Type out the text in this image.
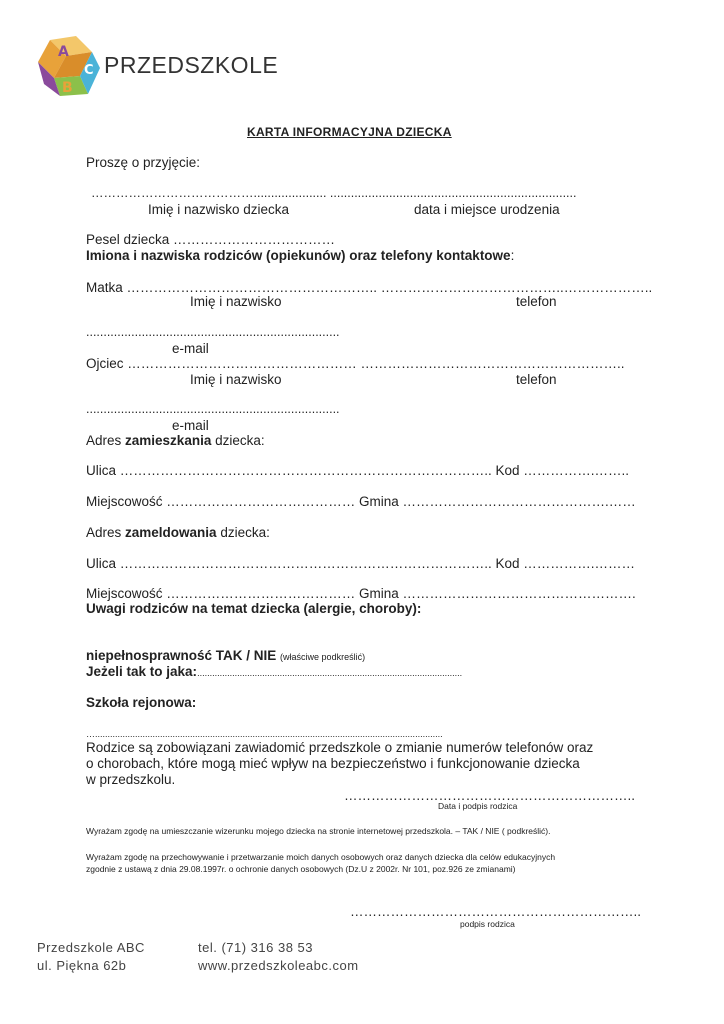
A
B
C PRZEDSZKOLE
KARTA INFORMACYJNA DZIECKA
Proszę o przyjęcie:
…………………………………..................... .......................................................................
Imię i nazwisko dziecka	data i miejsce urodzenia
Pesel dziecka ………………………………
Imiona i nazwiska rodziców (opiekunów) oraz telefony kontaktowe:
Matka ……………………………………………….. …………………………………..………………..
Imię i nazwisko	telefon
.........................................................................
e-mail
Ojciec …………………………………………… …………………………………………………..
Imię i nazwisko	telefon
.........................................................................
e-mail
Adres zamieszkania dziecka:
Ulica ……………………………………………………………………….. Kod …………….……..
Miejscowość …………………………………… Gmina ……………………………………….……
Adres zameldowania dziecka:
Ulica ……………………………………………………………………….. Kod …………….………
Miejscowość …………………………………… Gmina …………………………………………….
Uwagi rodziców na temat dziecka (alergie, choroby):
niepełnosprawność TAK / NIE (właściwe podkreślić)
Jeżeli tak to jaka:..........................................................................................................
Szkoła rejonowa:
…...........................................................................................................................................
Rodzice są zobowiązani zawiadomić przedszkole o zmianie numerów telefonów oraz
o chorobach, które mogą mieć wpływ na bezpieczeństwo i funkcjonowanie dziecka
w przedszkolu.
………………………………………………………..
Data i podpis rodzica
Wyrażam zgodę na umieszczanie wizerunku mojego dziecka na stronie internetowej przedszkola. – TAK / NIE ( podkreślić).
Wyrażam zgodę na przechowywanie i przetwarzanie moich danych osobowych oraz danych dziecka dla celów edukacyjnych
zgodnie z ustawą z dnia 29.08.1997r. o ochronie danych osobowych (Dz.U z 2002r. Nr 101, poz.926 ze zmianami)
………………………………………………………..
podpis rodzica
Przedszkole ABC
ul. Piękna 62b
tel. (71) 316 38 53
www.przedszkoleabc.com
